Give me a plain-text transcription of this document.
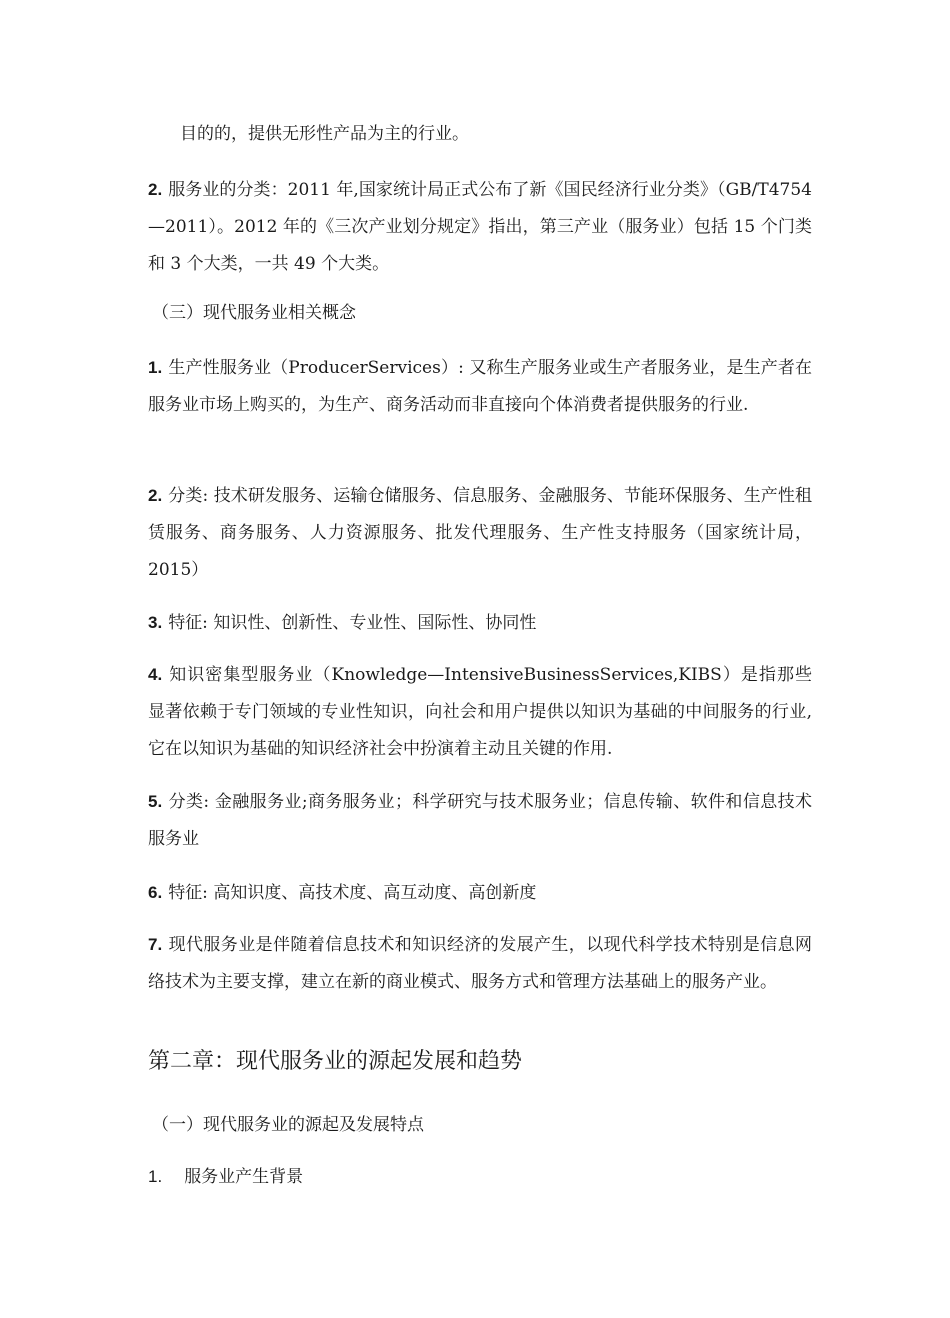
目的的，提供无形性产品为主的行业。
2. 服务业的分类：2011 年,国家统计局正式公布了新《国民经济行业分类》（GB/T4754—2011）。2012 年的《三次产业划分规定》指出，第三产业（服务业）包括 15 个门类和 3 个大类，一共 49 个大类。
（三）现代服务业相关概念
1. 生产性服务业（ProducerServices）: 又称生产服务业或生产者服务业，是生产者在服务业市场上购买的，为生产、商务活动而非直接向个体消费者提供服务的行业.
2. 分类: 技术研发服务、运输仓储服务、信息服务、金融服务、节能环保服务、生产性租赁服务、商务服务、人力资源服务、批发代理服务、生产性支持服务（国家统计局，2015）
3. 特征: 知识性、创新性、专业性、国际性、协同性
4. 知识密集型服务业（Knowledge—IntensiveBusinessServices,KIBS）是指那些显著依赖于专门领域的专业性知识，向社会和用户提供以知识为基础的中间服务的行业,它在以知识为基础的知识经济社会中扮演着主动且关键的作用.
5. 分类: 金融服务业;商务服务业；科学研究与技术服务业；信息传输、软件和信息技术服务业
6. 特征: 高知识度、高技术度、高互动度、高创新度
7. 现代服务业是伴随着信息技术和知识经济的发展产生，以现代科学技术特别是信息网络技术为主要支撑，建立在新的商业模式、服务方式和管理方法基础上的服务产业。
第二章：现代服务业的源起发展和趋势
（一）现代服务业的源起及发展特点
1. 服务业产生背景
